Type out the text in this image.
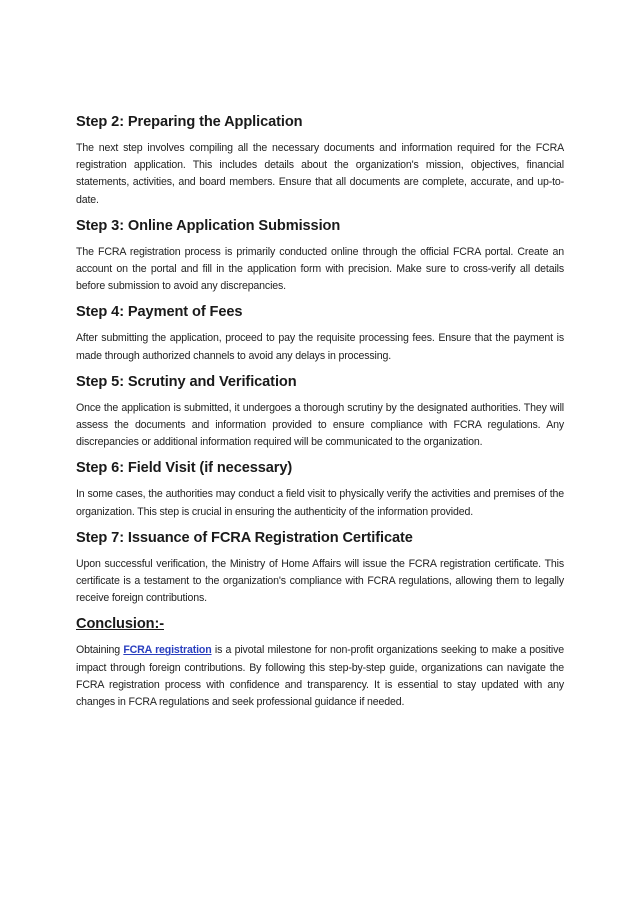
Step 2: Preparing the Application

The next step involves compiling all the necessary documents and information required for the FCRA registration application. This includes details about the organization's mission, objectives, financial statements, activities, and board members. Ensure that all documents are complete, accurate, and up-to-date.

Step 3: Online Application Submission

The FCRA registration process is primarily conducted online through the official FCRA portal. Create an account on the portal and fill in the application form with precision. Make sure to cross-verify all details before submission to avoid any discrepancies.

Step 4: Payment of Fees

After submitting the application, proceed to pay the requisite processing fees. Ensure that the payment is made through authorized channels to avoid any delays in processing.

Step 5: Scrutiny and Verification

Once the application is submitted, it undergoes a thorough scrutiny by the designated authorities. They will assess the documents and information provided to ensure compliance with FCRA regulations. Any discrepancies or additional information required will be communicated to the organization.

Step 6: Field Visit (if necessary)

In some cases, the authorities may conduct a field visit to physically verify the activities and premises of the organization. This step is crucial in ensuring the authenticity of the information provided.

Step 7: Issuance of FCRA Registration Certificate

Upon successful verification, the Ministry of Home Affairs will issue the FCRA registration certificate. This certificate is a testament to the organization's compliance with FCRA regulations, allowing them to legally receive foreign contributions.

Conclusion:-

Obtaining FCRA registration is a pivotal milestone for non-profit organizations seeking to make a positive impact through foreign contributions. By following this step-by-step guide, organizations can navigate the FCRA registration process with confidence and transparency. It is essential to stay updated with any changes in FCRA regulations and seek professional guidance if needed.
